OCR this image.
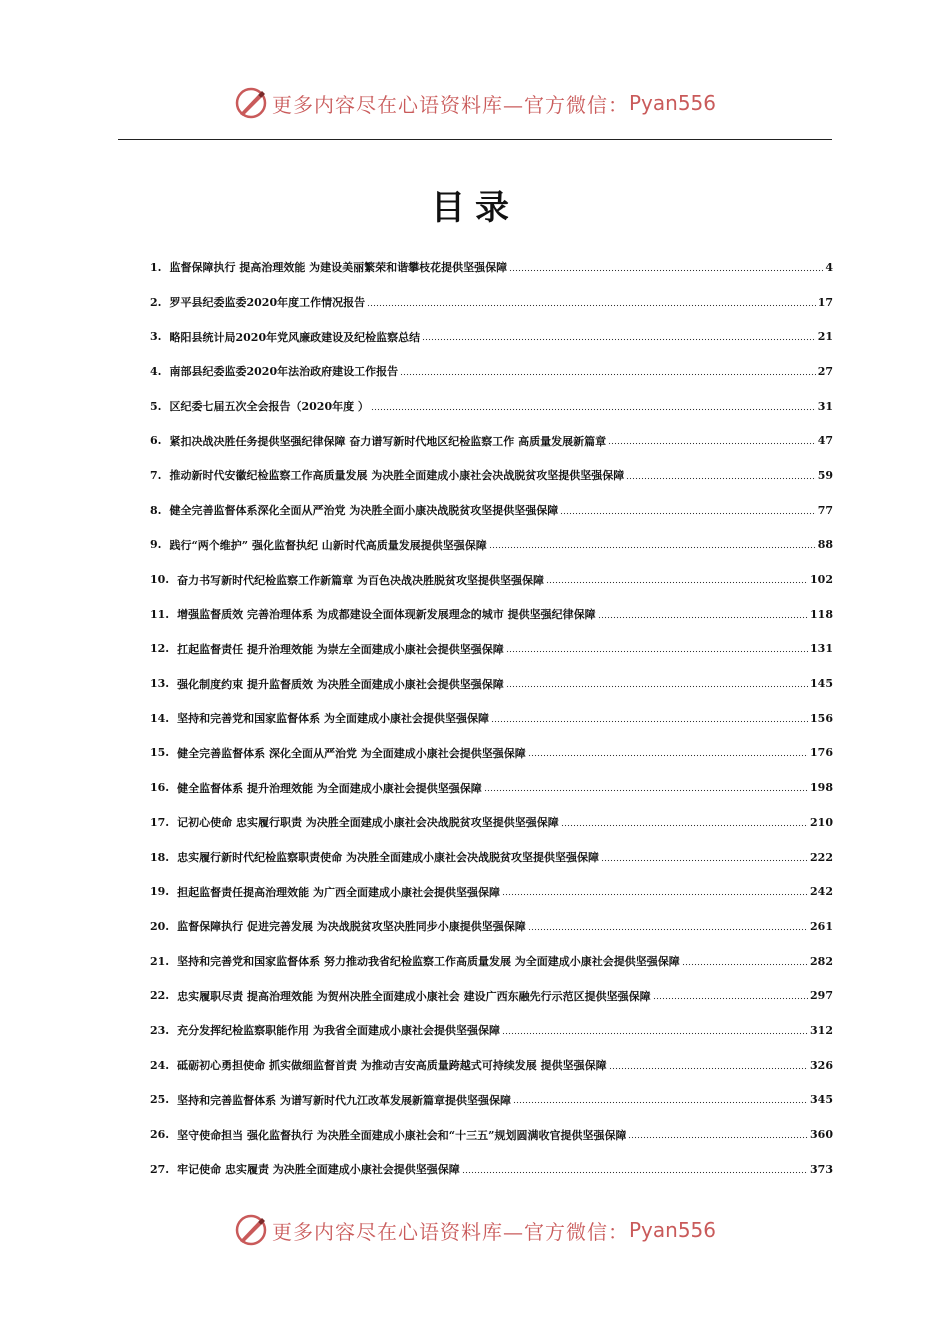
更多内容尽在心语资料库—官方微信： Pyan556
目录
1. 监督保障执行 提高治理效能 为建设美丽繁荣和谐攀枝花提供坚强保障	4
2. 罗平县纪委监委2020年度工作情况报告	17
3. 略阳县统计局2020年党风廉政建设及纪检监察总结	21
4. 南部县纪委监委2020年法治政府建设工作报告	27
5. 区纪委七届五次全会报告（2020年度 ）	31
6. 紧扣决战决胜任务提供坚强纪律保障 奋力谱写新时代地区纪检监察工作 高质量发展新篇章	47
7. 推动新时代安徽纪检监察工作高质量发展 为决胜全面建成小康社会决战脱贫攻坚提供坚强保障	59
8. 健全完善监督体系深化全面从严治党 为决胜全面小康决战脱贫攻坚提供坚强保障	77
9. 践行“两个维护” 强化监督执纪 山新时代高质量发展提供坚强保障	88
10. 奋力书写新时代纪检监察工作新篇章 为百色决战决胜脱贫攻坚提供坚强保障	102
11. 增强监督质效 完善治理体系 为成都建设全面体现新发展理念的城市 提供坚强纪律保障	118
12. 扛起监督责任 提升治理效能 为崇左全面建成小康社会提供坚强保障	131
13. 强化制度约束 提升监督质效 为决胜全面建成小康社会提供坚强保障	145
14. 坚持和完善党和国家监督体系 为全面建成小康社会提供坚强保障	156
15. 健全完善监督体系 深化全面从严治党 为全面建成小康社会提供坚强保障	176
16. 健全监督体系 提升治理效能 为全面建成小康社会提供坚强保障	198
17. 记初心使命 忠实履行职责 为决胜全面建成小康社会决战脱贫攻坚提供坚强保障	210
18. 忠实履行新时代纪检监察职责使命 为决胜全面建成小康社会决战脱贫攻坚提供坚强保障	222
19. 担起监督责任提高治理效能 为广西全面建成小康社会提供坚强保障	242
20. 监督保障执行 促进完善发展 为决战脱贫攻坚决胜同步小康提供坚强保障	261
21. 坚持和完善党和国家监督体系 努力推动我省纪检监察工作高质量发展 为全面建成小康社会提供坚强保障	282
22. 忠实履职尽责 提高治理效能 为贺州决胜全面建成小康社会 建设广西东融先行示范区提供坚强保障	297
23. 充分发挥纪检监察职能作用 为我省全面建成小康社会提供坚强保障	312
24. 砥砺初心勇担使命 抓实做细监督首责 为推动吉安高质量跨越式可持续发展 提供坚强保障	326
25. 坚持和完善监督体系 为谱写新时代九江改革发展新篇章提供坚强保障	345
26. 坚守使命担当 强化监督执行 为决胜全面建成小康社会和“十三五”规划圆满收官提供坚强保障	360
27. 牢记使命 忠实履责 为决胜全面建成小康社会提供坚强保障	373
更多内容尽在心语资料库—官方微信： Pyan556
